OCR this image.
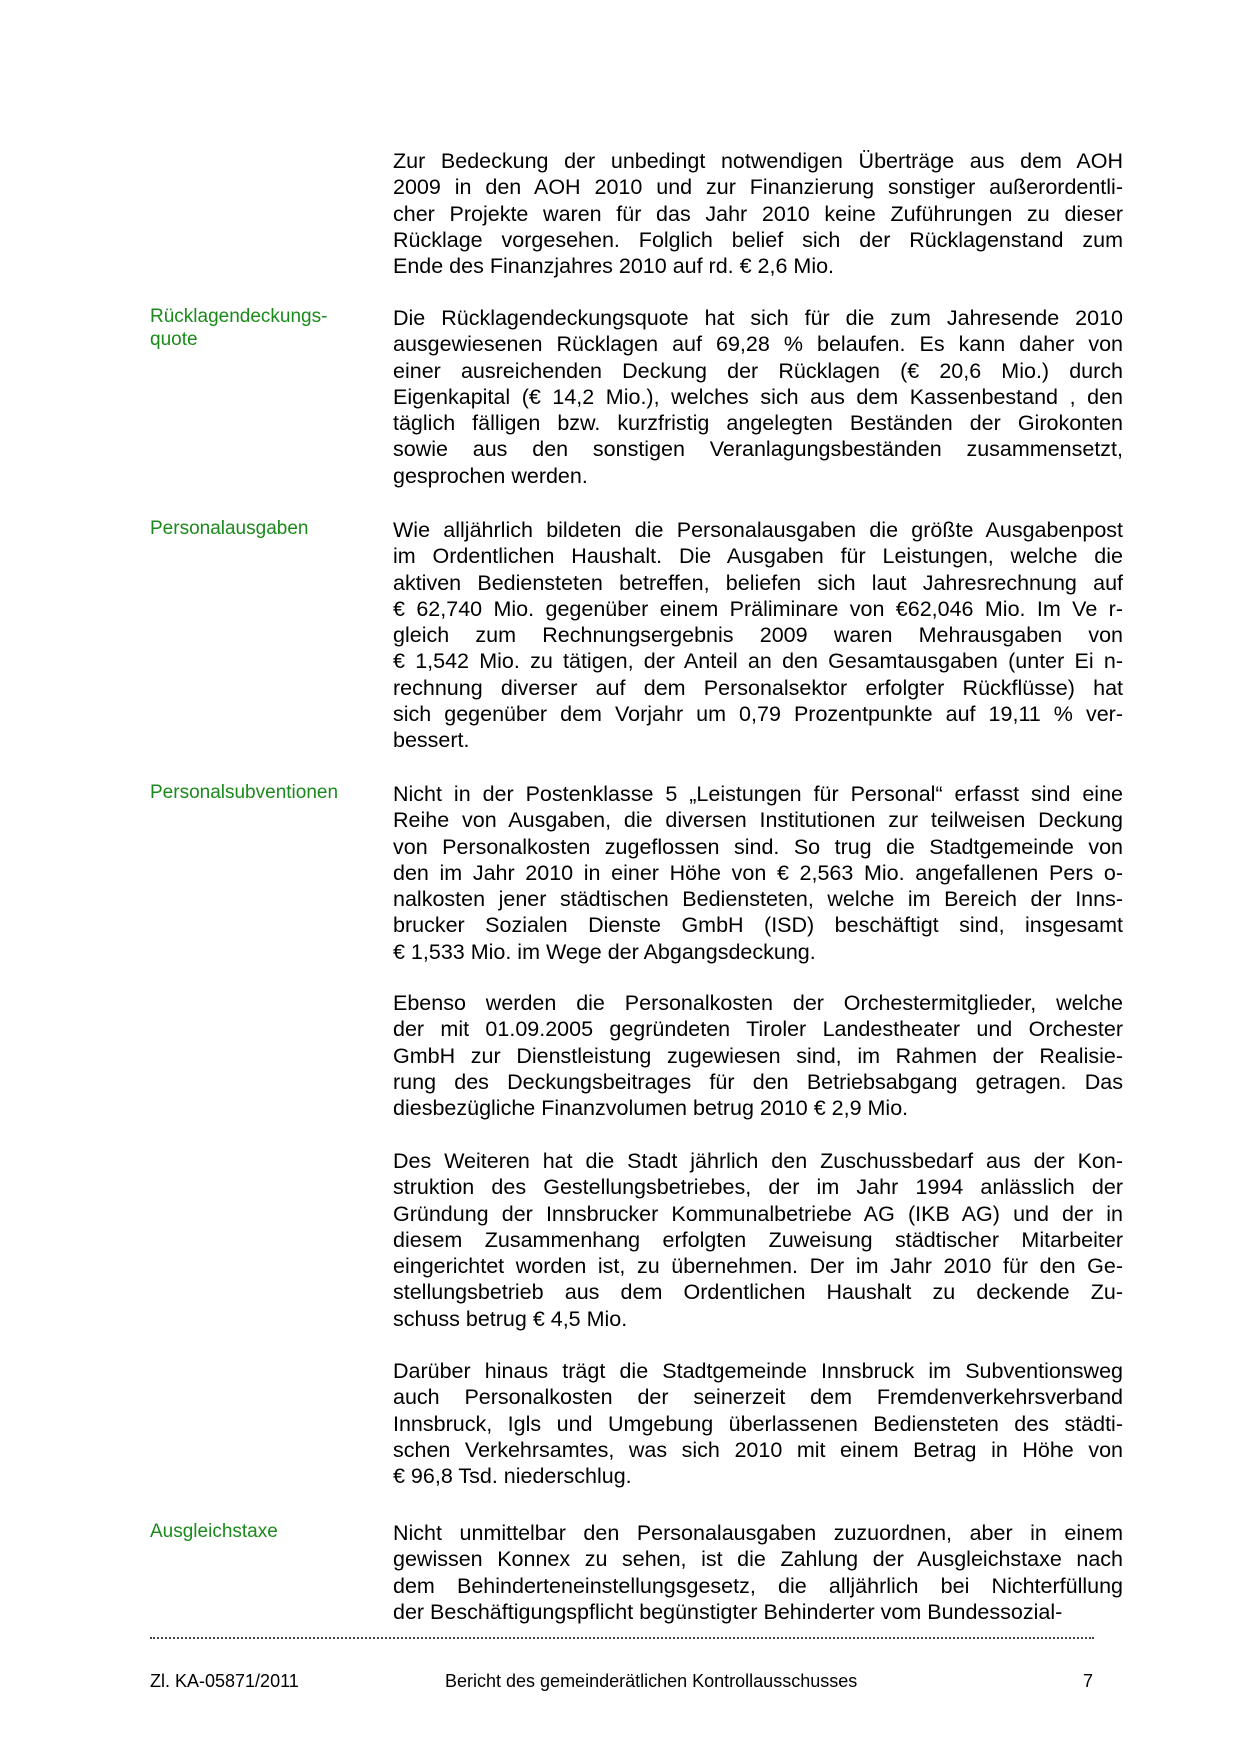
Zur Bedeckung der unbedingt notwendigen Überträge aus dem AOH
2009 in den AOH 2010 und zur Finanzierung sonstiger außerordentli-
cher Projekte waren für das Jahr 2010 keine Zuführungen zu dieser
Rücklage vorgesehen. Folglich belief sich der Rücklagenstand zum
Ende des Finanzjahres 2010 auf rd. € 2,6 Mio.
Rücklagendeckungs-
quote
Die Rücklagendeckungsquote hat sich für die zum Jahresende 2010
ausgewiesenen Rücklagen auf 69,28 % belaufen. Es kann daher von
einer ausreichenden Deckung der Rücklagen (€ 20,6 Mio.) durch
Eigenkapital (€ 14,2 Mio.), welches sich aus dem Kassenbestand , den
täglich fälligen bzw. kurzfristig angelegten Beständen der Girokonten
sowie aus den sonstigen Veranlagungsbeständen zusammensetzt,
gesprochen werden.
Personalausgaben	Wie alljährlich bildeten die Personalausgaben die größte Ausgabenpost
im Ordentlichen Haushalt. Die Ausgaben für Leistungen, welche die
aktiven Bediensteten betreffen, beliefen sich laut Jahresrechnung auf
€ 62,740 Mio. gegenüber einem Präliminare von €62,046 Mio. Im Ve r-
gleich zum Rechnungsergebnis 2009 waren Mehrausgaben von
€ 1,542 Mio. zu tätigen, der Anteil an den Gesamtausgaben (unter Ei n-
rechnung diverser auf dem Personalsektor erfolgter Rückflüsse) hat
sich gegenüber dem Vorjahr um 0,79 Prozentpunkte auf 19,11 % ver-
bessert.
Personalsubventionen	Nicht in der Postenklasse 5 „Leistungen für Personal“ erfasst sind eine
Reihe von Ausgaben, die diversen Institutionen zur teilweisen Deckung
von Personalkosten zugeflossen sind. So trug die Stadtgemeinde von
den im Jahr 2010 in einer Höhe von € 2,563 Mio. angefallenen Pers o-
nalkosten jener städtischen Bediensteten, welche im Bereich der Inns-
brucker Sozialen Dienste GmbH (ISD) beschäftigt sind, insgesamt
€ 1,533 Mio. im Wege der Abgangsdeckung.
Ebenso werden die Personalkosten der Orchestermitglieder, welche
der mit 01.09.2005 gegründeten Tiroler Landestheater und Orchester
GmbH zur Dienstleistung zugewiesen sind, im Rahmen der Realisie-
rung des Deckungsbeitrages für den Betriebsabgang getragen. Das
diesbezügliche Finanzvolumen betrug 2010 € 2,9 Mio.
Des Weiteren hat die Stadt jährlich den Zuschussbedarf aus der Kon-
struktion des Gestellungsbetriebes, der im Jahr 1994 anlässlich der
Gründung der Innsbrucker Kommunalbetriebe AG (IKB AG) und der in
diesem Zusammenhang erfolgten Zuweisung städtischer Mitarbeiter
eingerichtet worden ist, zu übernehmen. Der im Jahr 2010 für den Ge-
stellungsbetrieb aus dem Ordentlichen Haushalt zu deckende Zu-
schuss betrug € 4,5 Mio.
Darüber hinaus trägt die Stadtgemeinde Innsbruck im Subventionsweg
auch Personalkosten der seinerzeit dem Fremdenverkehrsverband
Innsbruck, Igls und Umgebung überlassenen Bediensteten des städti-
schen Verkehrsamtes, was sich 2010 mit einem Betrag in Höhe von
€ 96,8 Tsd. niederschlug.
Ausgleichstaxe	Nicht unmittelbar den Personalausgaben zuzuordnen, aber in einem
gewissen Konnex zu sehen, ist die Zahlung der Ausgleichstaxe nach
dem Behinderteneinstellungsgesetz, die alljährlich bei Nichterfüllung
der Beschäftigungspflicht begünstigter Behinderter vom Bundessozial-
Zl. KA-05871/2011	Bericht des gemeinderätlichen Kontrollausschusses	7
